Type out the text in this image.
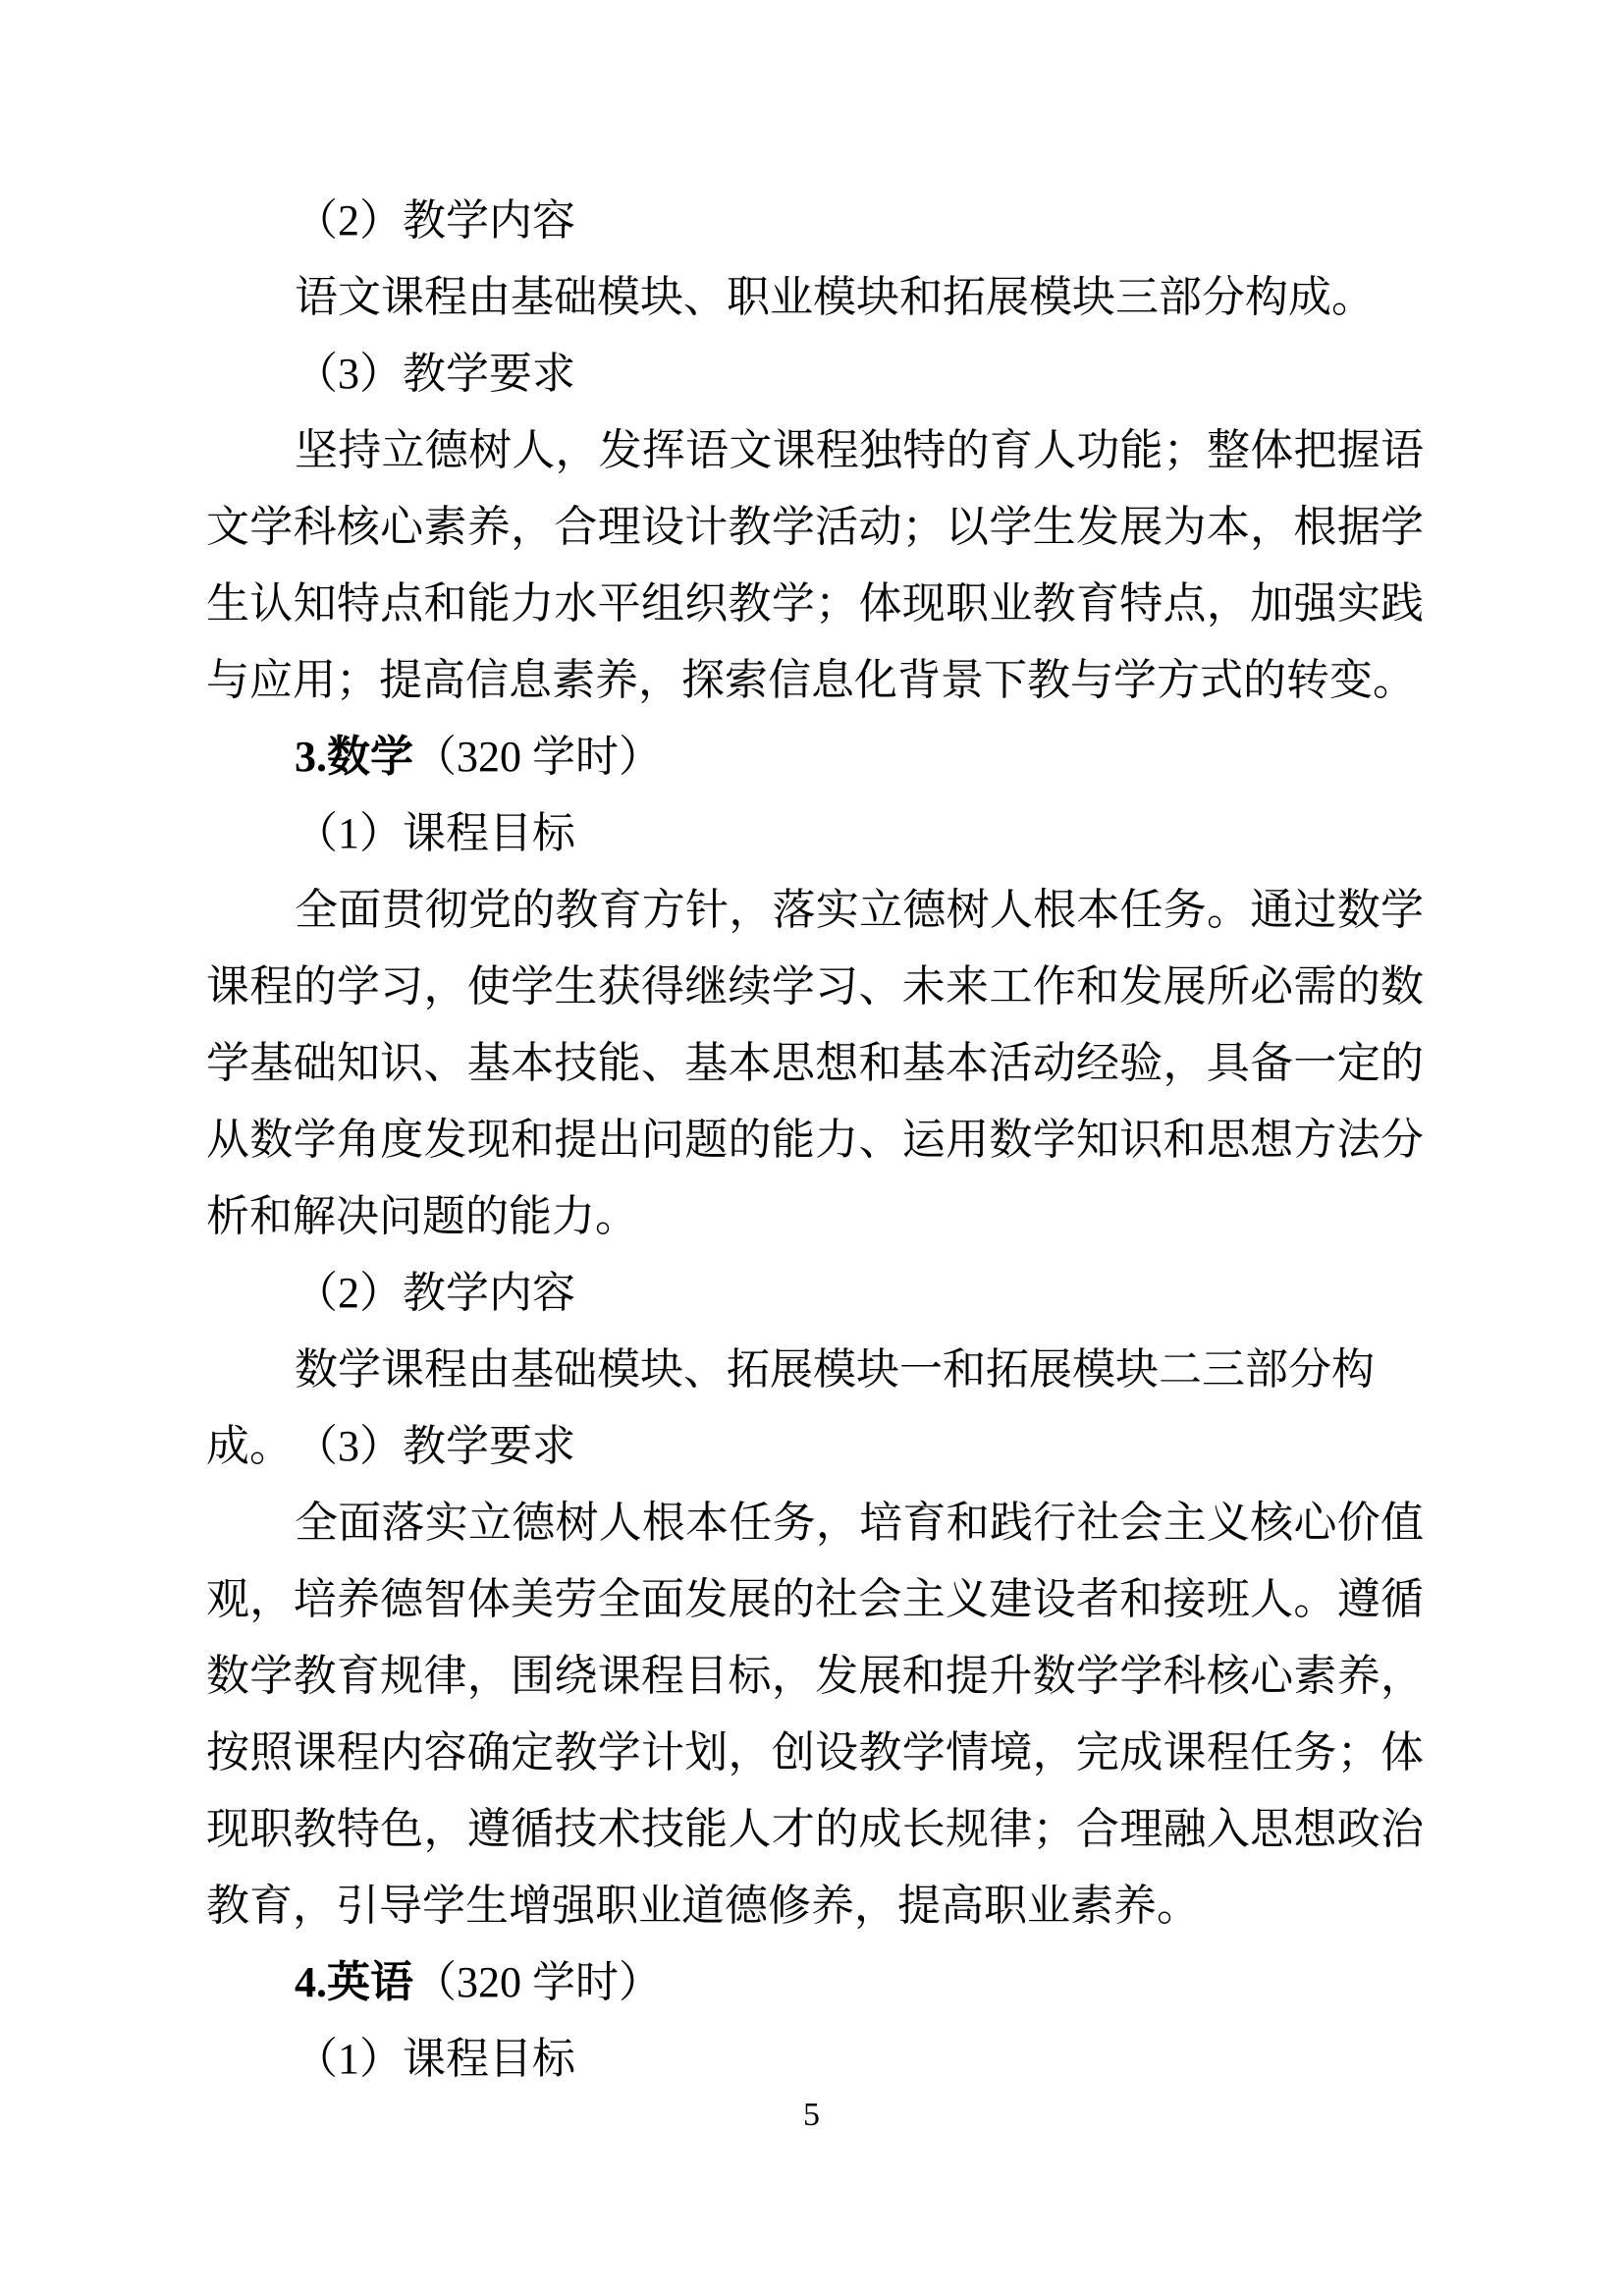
（2）教学内容
语文课程由基础模块、职业模块和拓展模块三部分构成。
（3）教学要求
坚持立德树人，发挥语文课程独特的育人功能；整体把握语
文学科核心素养，合理设计教学活动；以学生发展为本，根据学
生认知特点和能力水平组织教学；体现职业教育特点，加强实践
与应用；提高信息素养，探索信息化背景下教与学方式的转变。
3.数学（320 学时）
（1）课程目标
全面贯彻党的教育方针，落实立德树人根本任务。通过数学
课程的学习，使学生获得继续学习、未来工作和发展所必需的数
学基础知识、基本技能、基本思想和基本活动经验，具备一定的
从数学角度发现和提出问题的能力、运用数学知识和思想方法分
析和解决问题的能力。
（2）教学内容
数学课程由基础模块、拓展模块一和拓展模块二三部分构成。 （3）教学要求
全面落实立德树人根本任务，培育和践行社会主义核心价值
观，培养德智体美劳全面发展的社会主义建设者和接班人。遵循
数学教育规律，围绕课程目标，发展和提升数学学科核心素养，
按照课程内容确定教学计划，创设教学情境，完成课程任务；体
现职教特色，遵循技术技能人才的成长规律；合理融入思想政治
教育，引导学生增强职业道德修养，提高职业素养。
4.英语（320 学时）
（1）课程目标
5
